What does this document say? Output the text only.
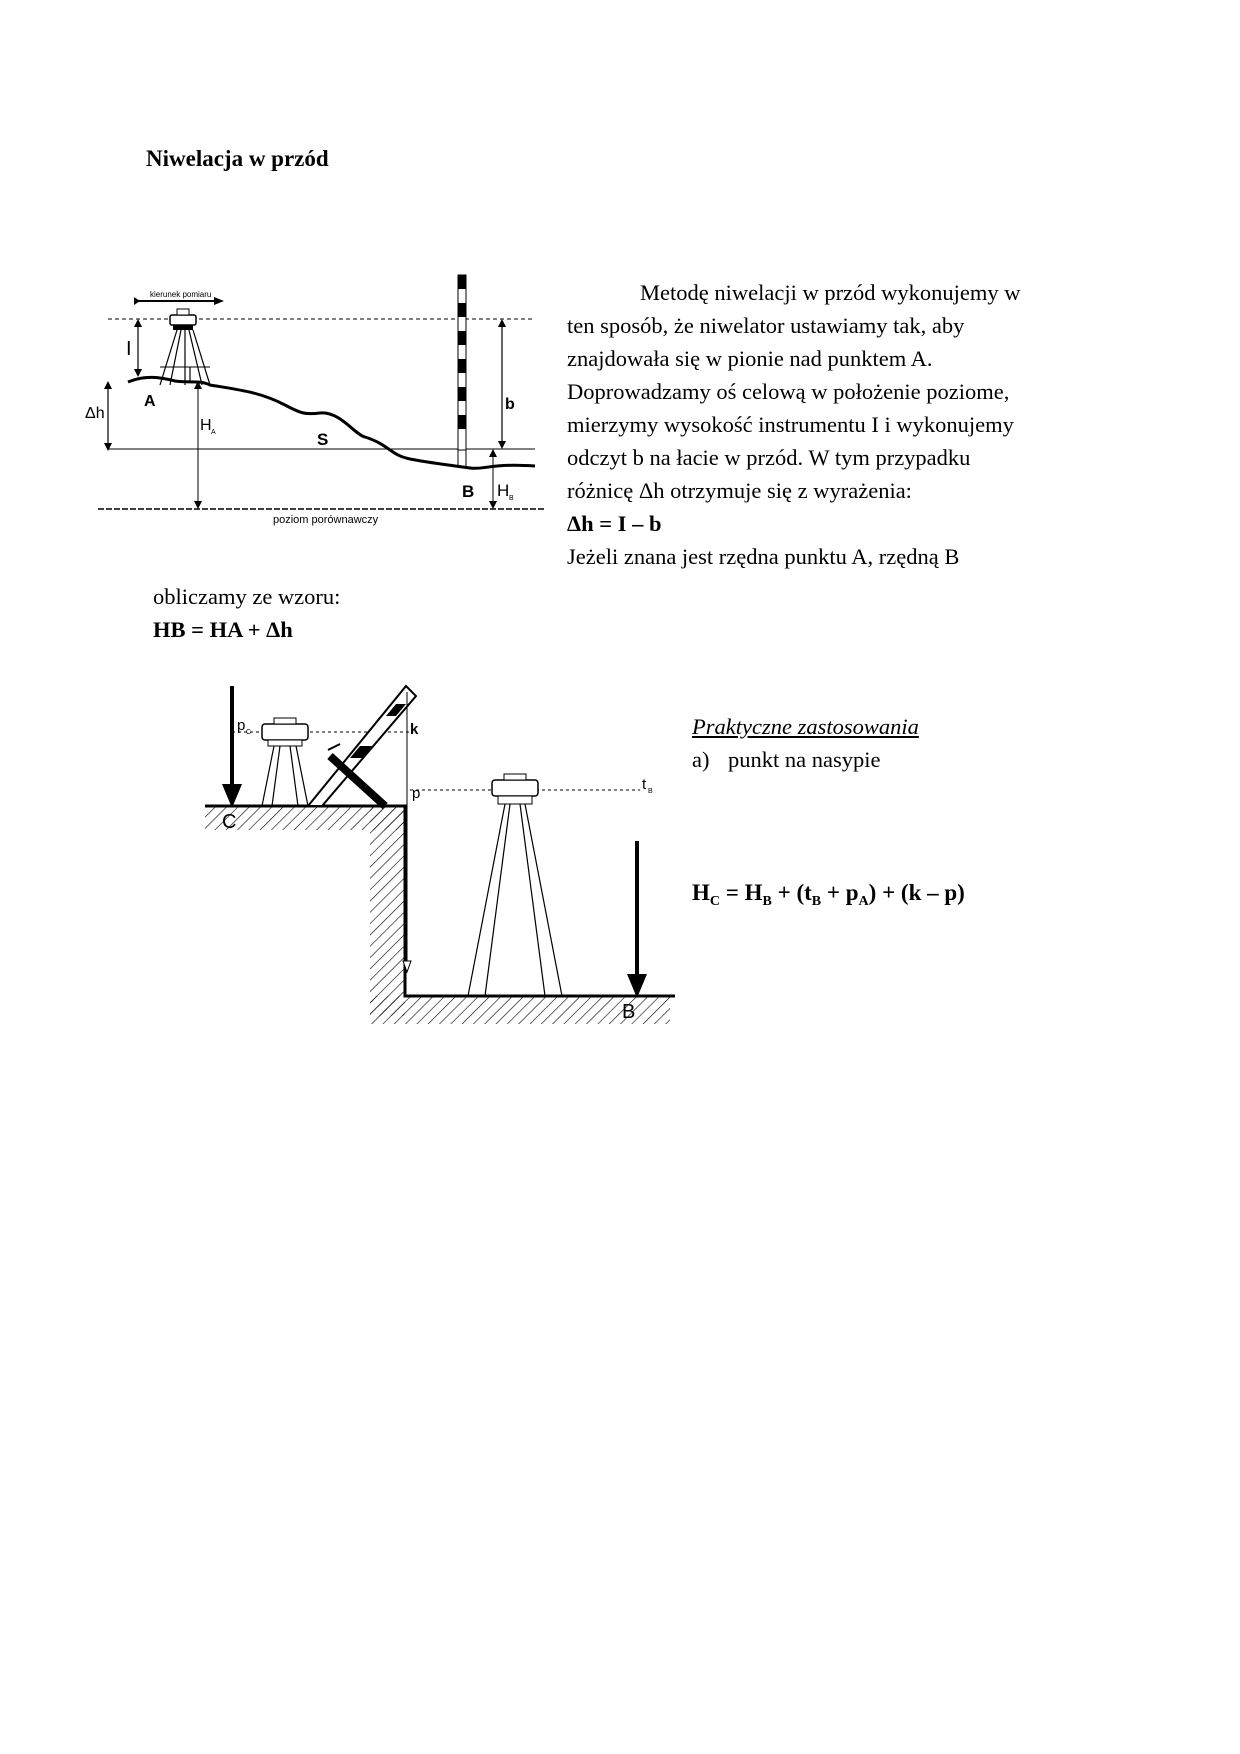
Niwelacja w przód
kierunek pomiaru
I
A
Δh
H A	S
b
B H B
poziom porównawczy
Metodę niwelacji w przód wykonujemy w
ten sposób, że niwelator ustawiamy tak, aby
znajdowała się w pionie nad punktem A.
Doprowadzamy oś celową w położenie poziome,
mierzymy wysokość instrumentu I i wykonujemy
odczyt b na łacie w przód. W tym przypadku
różnicę Δh otrzymuje się z wyrażenia:
Δh = I – b
Jeżeli znana jest rzędna punktu A, rzędną B
obliczamy ze wzoru:
HB = HA + Δh
C
p C	k
p
B
t B
Praktyczne zastosowania
a) punkt na nasypie
$H_C = H_B + (t_B + p_A) + (k - p)$
